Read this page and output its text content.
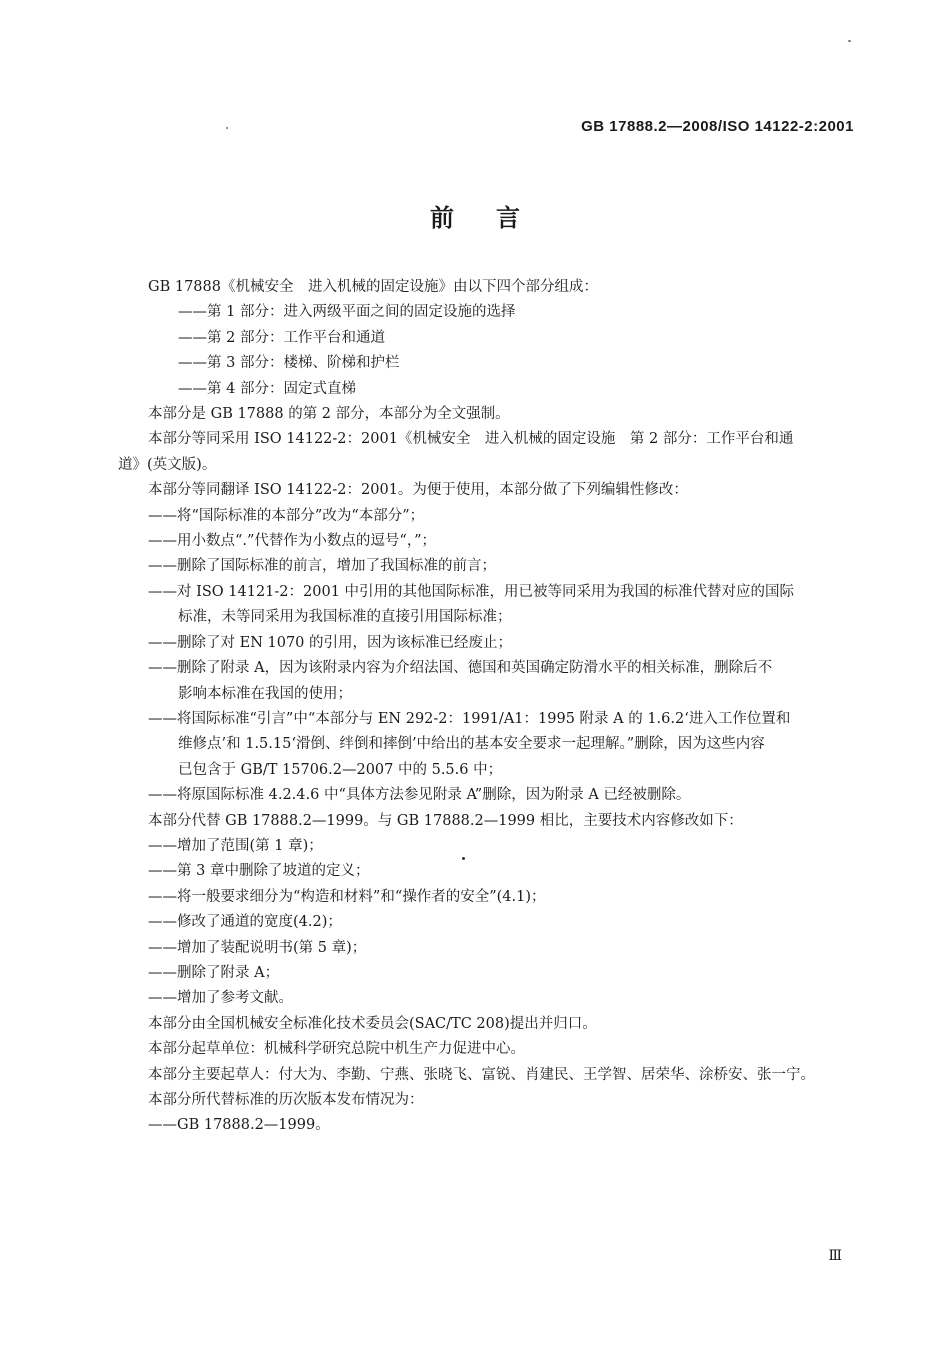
GB 17888.2—2008/ISO 14122-2:2001
前言

GB 17888《机械安全　进入机械的固定设施》由以下四个部分组成：

——第 1 部分：进入两级平面之间的固定设施的选择

——第 2 部分：工作平台和通道

——第 3 部分：楼梯、阶梯和护栏

——第 4 部分：固定式直梯

本部分是 GB 17888 的第 2 部分，本部分为全文强制。

本部分等同采用 ISO 14122-2：2001《机械安全　进入机械的固定设施　第 2 部分：工作平台和通

道》(英文版)。

本部分等同翻译 ISO 14122-2：2001。为便于使用，本部分做了下列编辑性修改：

——将“国际标准的本部分”改为“本部分”；

——用小数点“.”代替作为小数点的逗号“，”；

——删除了国际标准的前言，增加了我国标准的前言；

——对 ISO 14121-2：2001 中引用的其他国际标准，用已被等同采用为我国的标准代替对应的国际
标准，未等同采用为我国标准的直接引用国际标准；

——删除了对 EN 1070 的引用，因为该标准已经废止；

——删除了附录 A，因为该附录内容为介绍法国、德国和英国确定防滑水平的相关标准，删除后不
影响本标准在我国的使用；
——将国际标准“引言”中“本部分与 EN 292-2：1991/A1：1995 附录 A 的 1.6.2‘进入工作位置和
维修点’和 1.5.15‘滑倒、绊倒和摔倒’中给出的基本安全要求一起理解。”删除，因为这些内容
已包含于 GB/T 15706.2—2007 中的 5.5.6 中；

——将原国际标准 4.2.4.6 中“具体方法参见附录 A”删除，因为附录 A 已经被删除。

本部分代替 GB 17888.2—1999。与 GB 17888.2—1999 相比，主要技术内容修改如下：

——增加了范围(第 1 章)；

——第 3 章中删除了坡道的定义；

——将一般要求细分为“构造和材料”和“操作者的安全”(4.1)；

——修改了通道的宽度(4.2)；

——增加了装配说明书(第 5 章)；

——删除了附录 A；

——增加了参考文献。

本部分由全国机械安全标准化技术委员会(SAC/TC 208)提出并归口。

本部分起草单位：机械科学研究总院中机生产力促进中心。

本部分主要起草人：付大为、李勤、宁燕、张晓飞、富锐、肖建民、王学智、居荣华、涂桥安、张一宁。

本部分所代替标准的历次版本发布情况为：

——GB 17888.2—1999。

Ⅲ
